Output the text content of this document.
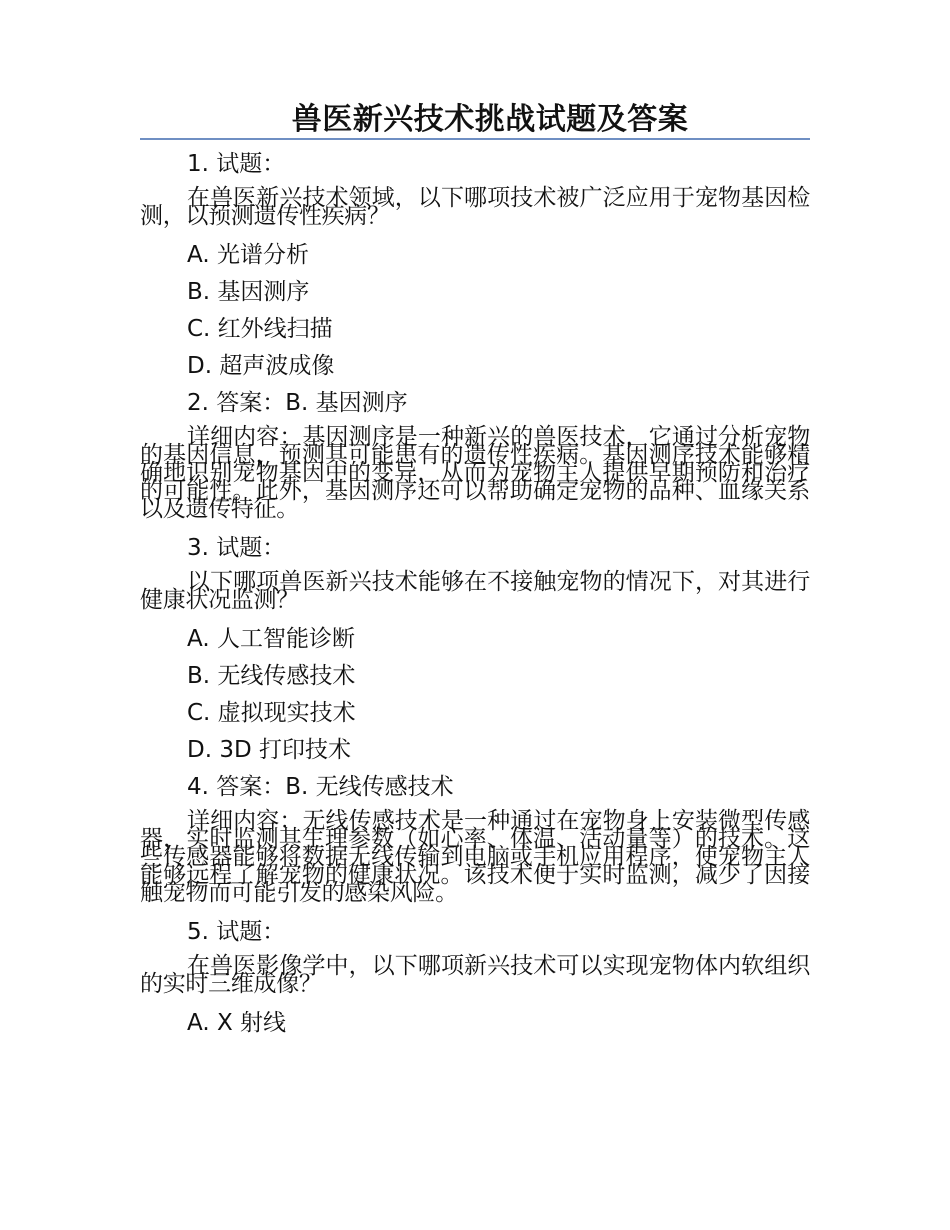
兽医新兴技术挑战试题及答案

1. 试题：

在兽医新兴技术领域，以下哪项技术被广泛应用于宠物基因检测，以预测遗传性疾病？

A. 光谱分析

B. 基因测序

C. 红外线扫描

D. 超声波成像

2. 答案：B. 基因测序

详细内容：基因测序是一种新兴的兽医技术，它通过分析宠物的基因信息，预测其可能患有的遗传性疾病。基因测序技术能够精确地识别宠物基因中的变异，从而为宠物主人提供早期预防和治疗的可能性。此外，基因测序还可以帮助确定宠物的品种、血缘关系以及遗传特征。

3. 试题：

以下哪项兽医新兴技术能够在不接触宠物的情况下，对其进行健康状况监测？

A. 人工智能诊断

B. 无线传感技术

C. 虚拟现实技术

D. 3D 打印技术

4. 答案：B. 无线传感技术

详细内容：无线传感技术是一种通过在宠物身上安装微型传感器，实时监测其生理参数（如心率、体温、活动量等）的技术。这些传感器能够将数据无线传输到电脑或手机应用程序，使宠物主人能够远程了解宠物的健康状况。该技术便于实时监测，减少了因接触宠物而可能引发的感染风险。

5. 试题：

在兽医影像学中，以下哪项新兴技术可以实现宠物体内软组织的实时三维成像？

A. X 射线
